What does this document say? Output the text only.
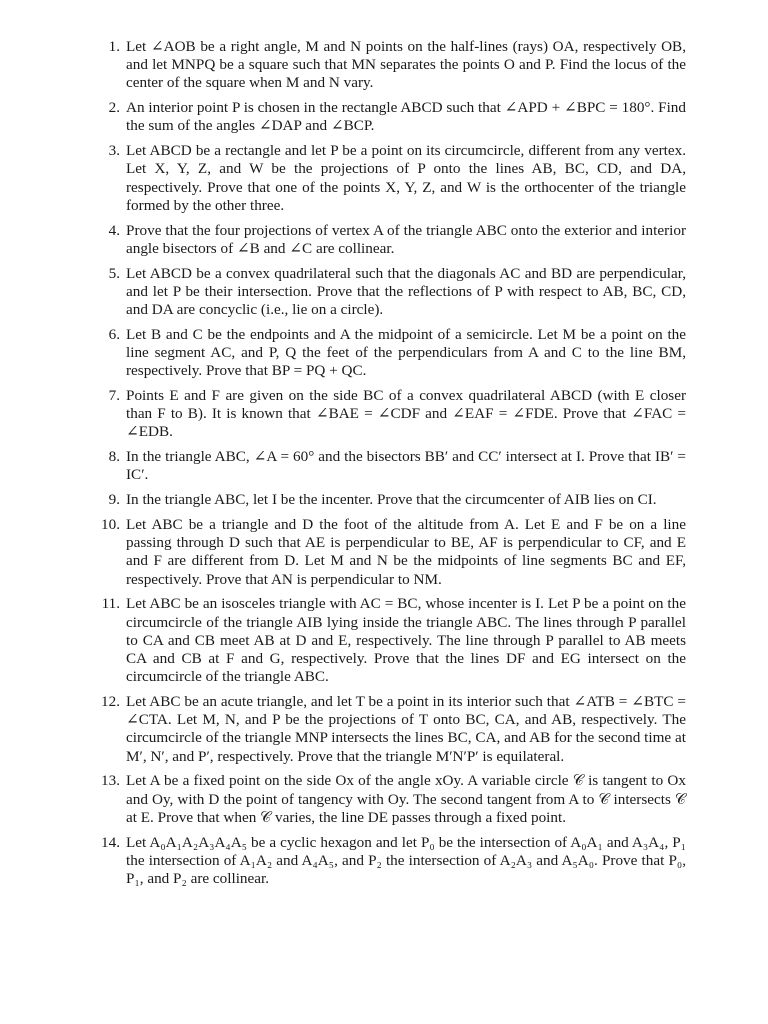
1. Let ∠AOB be a right angle, M and N points on the half-lines (rays) OA, respectively OB, and let MNPQ be a square such that MN separates the points O and P. Find the locus of the center of the square when M and N vary.
2. An interior point P is chosen in the rectangle ABCD such that ∠APD + ∠BPC = 180°. Find the sum of the angles ∠DAP and ∠BCP.
3. Let ABCD be a rectangle and let P be a point on its circumcircle, different from any vertex. Let X, Y, Z, and W be the projections of P onto the lines AB, BC, CD, and DA, respectively. Prove that one of the points X, Y, Z, and W is the orthocenter of the triangle formed by the other three.
4. Prove that the four projections of vertex A of the triangle ABC onto the exterior and interior angle bisectors of ∠B and ∠C are collinear.
5. Let ABCD be a convex quadrilateral such that the diagonals AC and BD are perpendicular, and let P be their intersection. Prove that the reflections of P with respect to AB, BC, CD, and DA are concyclic (i.e., lie on a circle).
6. Let B and C be the endpoints and A the midpoint of a semicircle. Let M be a point on the line segment AC, and P, Q the feet of the perpendiculars from A and C to the line BM, respectively. Prove that BP = PQ + QC.
7. Points E and F are given on the side BC of a convex quadrilateral ABCD (with E closer than F to B). It is known that ∠BAE = ∠CDF and ∠EAF = ∠FDE. Prove that ∠FAC = ∠EDB.
8. In the triangle ABC, ∠A = 60° and the bisectors BB′ and CC′ intersect at I. Prove that IB′ = IC′.
9. In the triangle ABC, let I be the incenter. Prove that the circumcenter of AIB lies on CI.
10. Let ABC be a triangle and D the foot of the altitude from A. Let E and F be on a line passing through D such that AE is perpendicular to BE, AF is perpendicular to CF, and E and F are different from D. Let M and N be the midpoints of line segments BC and EF, respectively. Prove that AN is perpendicular to NM.
11. Let ABC be an isosceles triangle with AC = BC, whose incenter is I. Let P be a point on the circumcircle of the triangle AIB lying inside the triangle ABC. The lines through P parallel to CA and CB meet AB at D and E, respectively. The line through P parallel to AB meets CA and CB at F and G, respectively. Prove that the lines DF and EG intersect on the circumcircle of the triangle ABC.
12. Let ABC be an acute triangle, and let T be a point in its interior such that ∠ATB = ∠BTC = ∠CTA. Let M, N, and P be the projections of T onto BC, CA, and AB, respectively. The circumcircle of the triangle MNP intersects the lines BC, CA, and AB for the second time at M′, N′, and P′, respectively. Prove that the triangle M′N′P′ is equilateral.
13. Let A be a fixed point on the side Ox of the angle xOy. A variable circle 𝒞 is tangent to Ox and Oy, with D the point of tangency with Oy. The second tangent from A to 𝒞 intersects 𝒞 at E. Prove that when 𝒞 varies, the line DE passes through a fixed point.
14. Let A₀A₁A₂A₃A₄A₅ be a cyclic hexagon and let P₀ be the intersection of A₀A₁ and A₃A₄, P₁ the intersection of A₁A₂ and A₄A₅, and P₂ the intersection of A₂A₃ and A₅A₀. Prove that P₀, P₁, and P₂ are collinear.
